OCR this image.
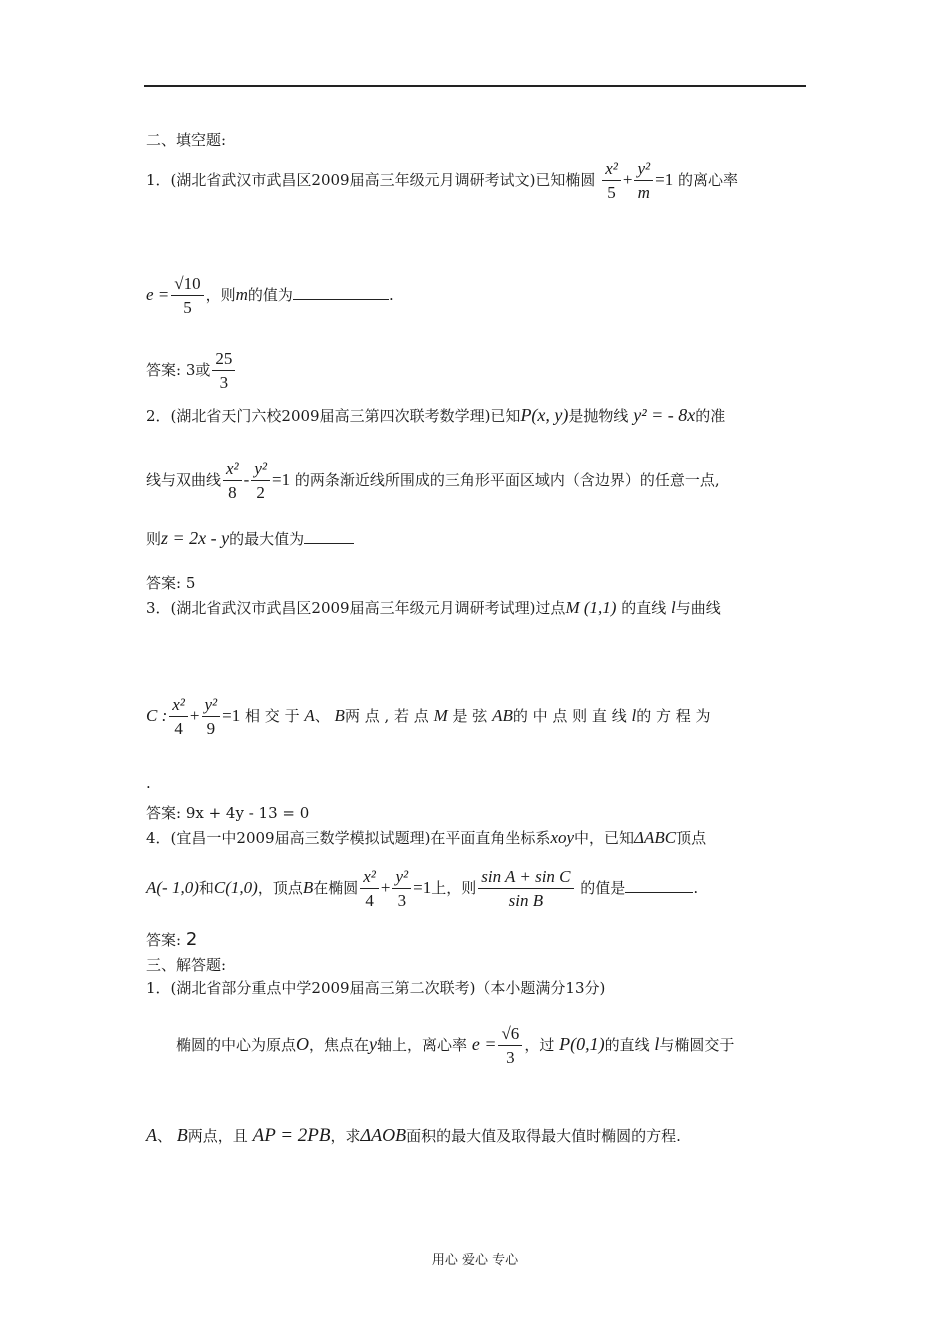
二、填空题:
1．(湖北省武汉市武昌区2009届高三年级元月调研考试文)已知椭圆 $\frac{\text{x²}}{5} + \frac{\text{y²}}{m} =1$ 的离心率
$e = \frac{√10}{5}$ ，则m的值为	.
答案: 3或 $\frac{25}{3}$
2．(湖北省天门六校2009届高三第四次联考数学理)已知P(x, y)是抛物线 y² = - 8x的准
线与双曲线 $\frac{\text{x²}}{8} - \frac{\text{y²}}{2} =1$ 的两条渐近线所围成的三角形平面区域内（含边界）的任意一点,
则z = 2x - y的最大值为
答案: 5
3．(湖北省武汉市武昌区2009届高三年级元月调研考试理)过点M (1,1) 的直线 l与曲线
C : $\frac{\text{x²}}{4} + \frac{\text{y²}}{9} =1$ 相 交 于 A、 B两 点 , 若 点 M 是 弦 AB的 中 点 则 直 线 l的 方 程 为
.
答案: 9x + 4y - 13 = 0
4．(宜昌一中2009届高三数学模拟试题理)在平面直角坐标系xoy中，已知ΔABC顶点
A(- 1,0)和C(1,0)，顶点B在椭圆 $\frac{\text{x²}}{4} + \frac{\text{y²}}{3} =1$上，则 $\frac{\text{sin A + sin C}}{\text{sin B}}$ 的值是	.
答案: 2
三、解答题:
1．(湖北省部分重点中学2009届高三第二次联考)（本小题满分13分)
椭圆的中心为原点O，焦点在y轴上，离心率 $e = \frac{√6}{3}$ ，过 P(0,1)的直线 l与椭圆交于
A、 B两点，且 AP = 2PB，求ΔAOB面积的最大值及取得最大值时椭圆的方程.
用心 爱心 专心
